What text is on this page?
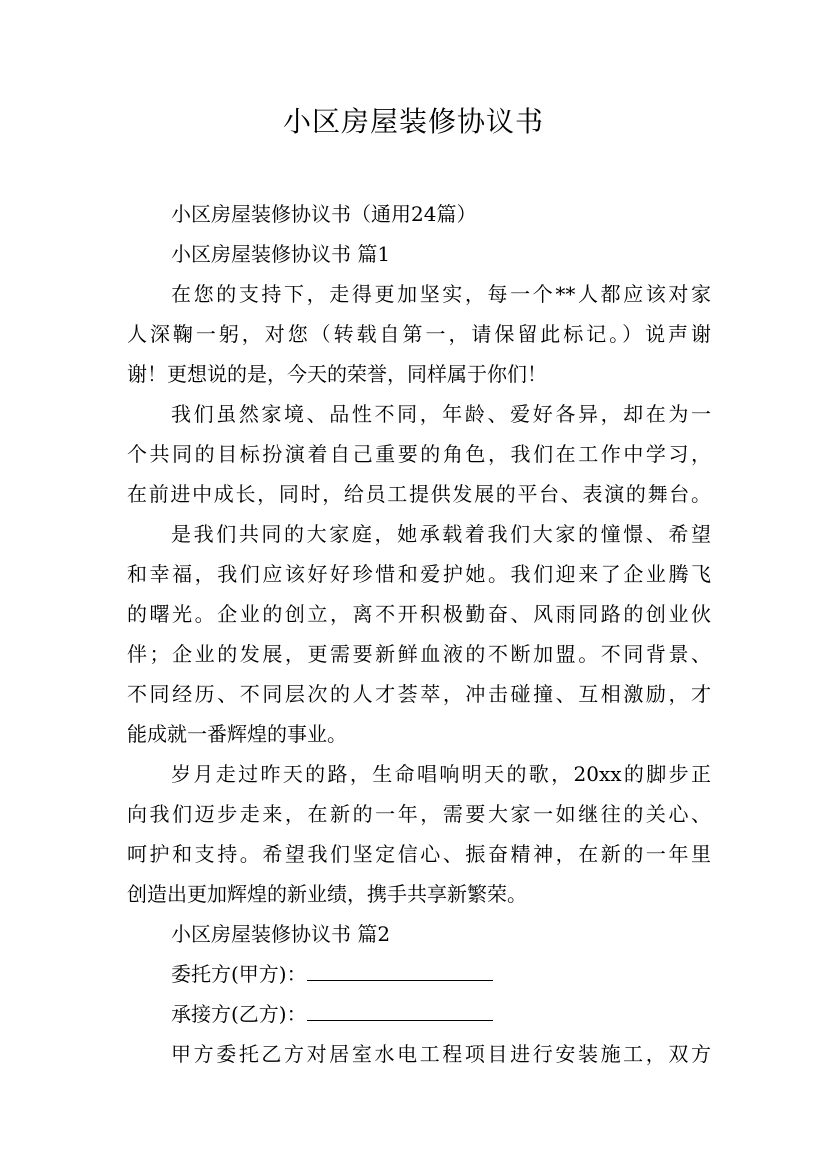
小区房屋装修协议书
小区房屋装修协议书（通用24篇）
小区房屋装修协议书 篇1
在您的支持下，走得更加坚实，每一个**人都应该对家
人深鞠一躬，对您（转载自第一，请保留此标记。）说声谢
谢！更想说的是，今天的荣誉，同样属于你们！
我们虽然家境、品性不同，年龄、爱好各异，却在为一
个共同的目标扮演着自己重要的角色，我们在工作中学习，
在前进中成长，同时，给员工提供发展的平台、表演的舞台。
是我们共同的大家庭，她承载着我们大家的憧憬、希望
和幸福，我们应该好好珍惜和爱护她。我们迎来了企业腾飞
的曙光。企业的创立，离不开积极勤奋、风雨同路的创业伙
伴；企业的发展，更需要新鲜血液的不断加盟。不同背景、
不同经历、不同层次的人才荟萃，冲击碰撞、互相激励，才
能成就一番辉煌的事业。
岁月走过昨天的路，生命唱响明天的歌，20xx的脚步正
向我们迈步走来，在新的一年，需要大家一如继往的关心、
呵护和支持。希望我们坚定信心、振奋精神，在新的一年里
创造出更加辉煌的新业绩，携手共享新繁荣。
小区房屋装修协议书 篇2
委托方(甲方)：
承接方(乙方)：
甲方委托乙方对居室水电工程项目进行安装施工，双方
